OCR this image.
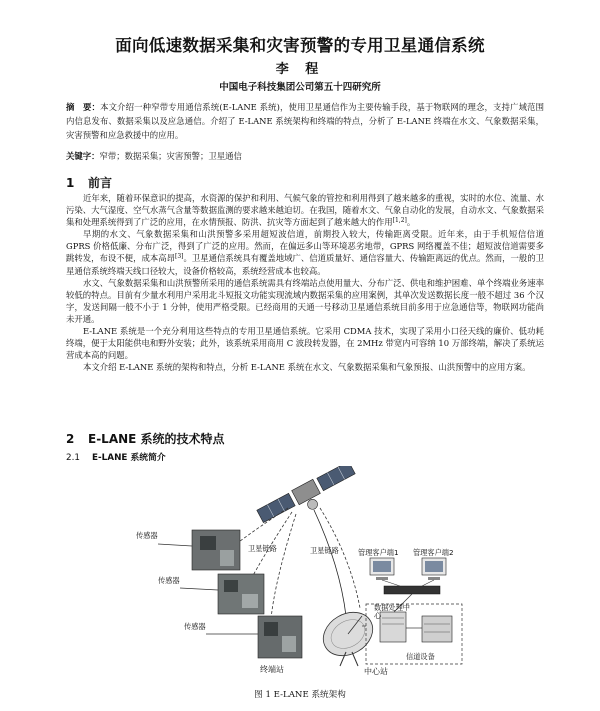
面向低速数据采集和灾害预警的专用卫星通信系统
李 程
中国电子科技集团公司第五十四研究所
摘　要：本文介绍一种窄带专用通信系统(E-LANE 系统)，使用卫星通信作为主要传输手段，基于物联网的理念，支持广域范围内信息发布、数据采集以及应急通信。介绍了 E-LANE 系统架构和终端的特点，分析了 E-LANE 终端在水文、气象数据采集，灾害预警和应急救援中的应用。
关键字：窄带；数据采集；灾害预警；卫星通信
1 前言

近年来，随着环保意识的提高，水资源的保护和利用、气候气象的管控和利用得到了越来越多的重视，实时的水位、流量、水污染、大气湿度、空气水蒸气含量等数据监测的要求越来越迫切。在我国，随着水文、气象自动化的发展，自动水文、气象数据采集和处理系统得到了广泛的应用，在水情预报、防洪、抗灾等方面起到了越来越大的作用[1,2]。

早期的水文、气象数据采集和山洪预警多采用超短波信道，前期投入较大，传输距离受限。近年来，由于手机短信信道 GPRS 价格低廉、分布广泛，得到了广泛的应用。然而，在偏远多山等环境恶劣地带，GPRS 网络覆盖不佳；超短波信道需要多跳转发，布设不便，成本高昂[3]。卫星通信系统具有覆盖地域广、信道质量好、通信容量大、传输距离远的优点。然而，一般的卫星通信系统终端天线口径较大，设备价格较高，系统经营成本也较高。

水文、气象数据采集和山洪预警所采用的通信系统需具有终端站点使用量大、分布广泛、供电和维护困难、单个终端业务速率较低的特点。目前有少量水利用户采用北斗短报文功能实现流域内数据采集的应用案例，其单次发送数据长度一般不超过 36 个汉字，发送间隔一般不小于 1 分钟，使用严格受限。已经商用的天通一号移动卫星通信系统目前多用于应急通信等，物联网功能尚未开通。

E-LANE 系统是一个充分利用这些特点的专用卫星通信系统。它采用 CDMA 技术，实现了采用小口径天线的廉价、低功耗终端，便于太阳能供电和野外安装；此外，该系统采用商用 C 波段转发器，在 2MHz 带宽内可容纳 10 万部终端，解决了系统运营成本高的问题。

本文介绍 E-LANE 系统的架构和特点，分析 E-LANE 系统在水文、气象数据采集和气象预报、山洪预警中的应用方案。

2 E-LANE 系统的技术特点
2.1 E-LANE 系统简介
传感器
传感器
传感器
卫星链路	卫星链路	管理客户端1 管理客户端2
数据处理中心
终端站	中心站
信道设备
图 1 E-LANE 系统架构
